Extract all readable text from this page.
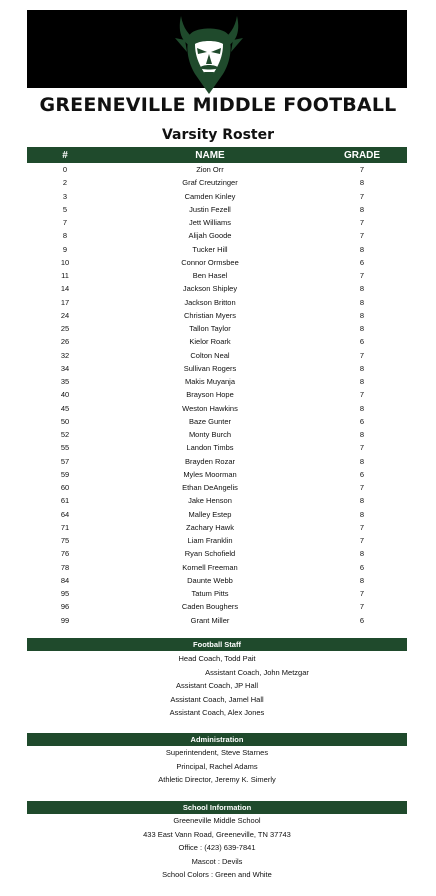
GREENEVILLE MIDDLE FOOTBALL
Varsity Roster
#	NAME	GRADE
0	Zion Orr	7
2	Graf Creutzinger	8
3	Camden Kinley	7
5	Justin Fezell	8
7	Jett Williams	7
8	Alijah Goode	7
9	Tucker Hill	8
10	Connor Ormsbee	6
11	Ben Hasel	7
14	Jackson Shipley	8
17	Jackson Britton	8
24	Christian Myers	8
25	Tallon Taylor	8
26	Kielor Roark	6
32	Colton Neal	7
34	Sullivan Rogers	8
35	Makis Muyanja	8
40	Brayson Hope	7
45	Weston Hawkins	8
50	Baze Gunter	6
52	Monty Burch	8
55	Landon Timbs	7
57	Brayden Rozar	8
59	Myles Moorman	6
60	Ethan DeAngelis	7
61	Jake Henson	8
64	Malley Estep	8
71	Zachary Hawk	7
75	Liam Franklin	7
76	Ryan Schofield	8
78	Kornell Freeman	6
84	Daunte Webb	8
95	Tatum Pitts	7
96	Caden Boughers	7
99	Grant Miller	6
Football Staff
Head Coach, Todd Pait
Assistant Coach, John Metzgar
Assistant Coach, JP Hall
Assistant Coach, Jamel Hall
Assistant Coach, Alex Jones
Administration
Superintendent, Steve Starnes
Principal, Rachel Adams
Athletic Director, Jeremy K. Simerly
School Information
Greeneville Middle School
433 East Vann Road, Greeneville, TN 37743
Office : (423) 639-7841
Mascot : Devils
School Colors : Green and White
